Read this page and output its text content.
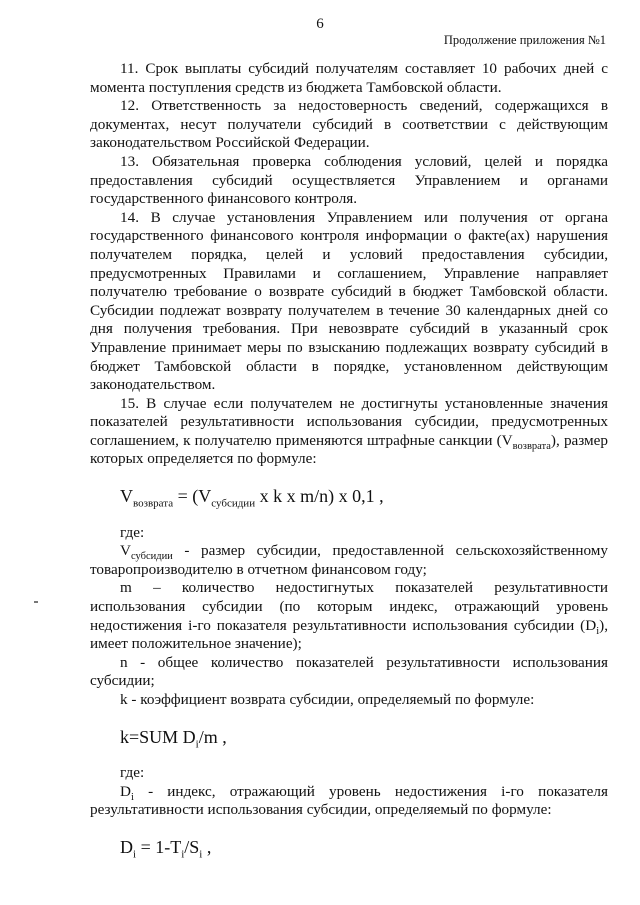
6
Продолжение приложения №1

11. Срок выплаты субсидий получателям составляет 10 рабочих дней с момента поступления средств из бюджета Тамбовской области.

12. Ответственность за недостоверность сведений, содержащихся в документах, несут получатели субсидий в соответствии с действующим законодательством Российской Федерации.

13. Обязательная проверка соблюдения условий, целей и порядка предоставления субсидий осуществляется Управлением и органами государственного финансового контроля.

14. В случае установления Управлением или получения от органа государственного финансового контроля информации о факте(ах) нарушения получателем порядка, целей и условий предоставления субсидии, предусмотренных Правилами и соглашением, Управление направляет получателю требование о возврате субсидий в бюджет Тамбовской области. Субсидии подлежат возврату получателем в течение 30 календарных дней со дня получения требования. При невозврате субсидий в указанный срок Управление принимает меры по взысканию подлежащих возврату субсидий в бюджет Тамбовской области в порядке, установленном действующим законодательством.

15. В случае если получателем не достигнуты установленные значения показателей результативности использования субсидии, предусмотренных соглашением, к получателю применяются штрафные санкции $(V_{возврата})$, размер которых определяется по формуле:

$V_{возврата} = (V_{субсидии}$ x k x m/n) x 0,1 ,

где:

$V_{субсидии}$ - размер субсидии, предоставленной сельскохозяйственному товаропроизводителю в отчетном финансовом году;

m – количество недостигнутых показателей результативности использования субсидии (по которым индекс, отражающий уровень недостижения i-го показателя результативности использования субсидии $(D_i)$, имеет положительное значение);

n - общее количество показателей результативности использования субсидии;

k - коэффициент возврата субсидии, определяемый по формуле:

k=SUM $D_i/m$ ,

где:

$D_i$ - индекс, отражающий уровень недостижения i-го показателя результативности использования субсидии, определяемый по формуле:

$D_i = 1-T_i/S_i$ ,
